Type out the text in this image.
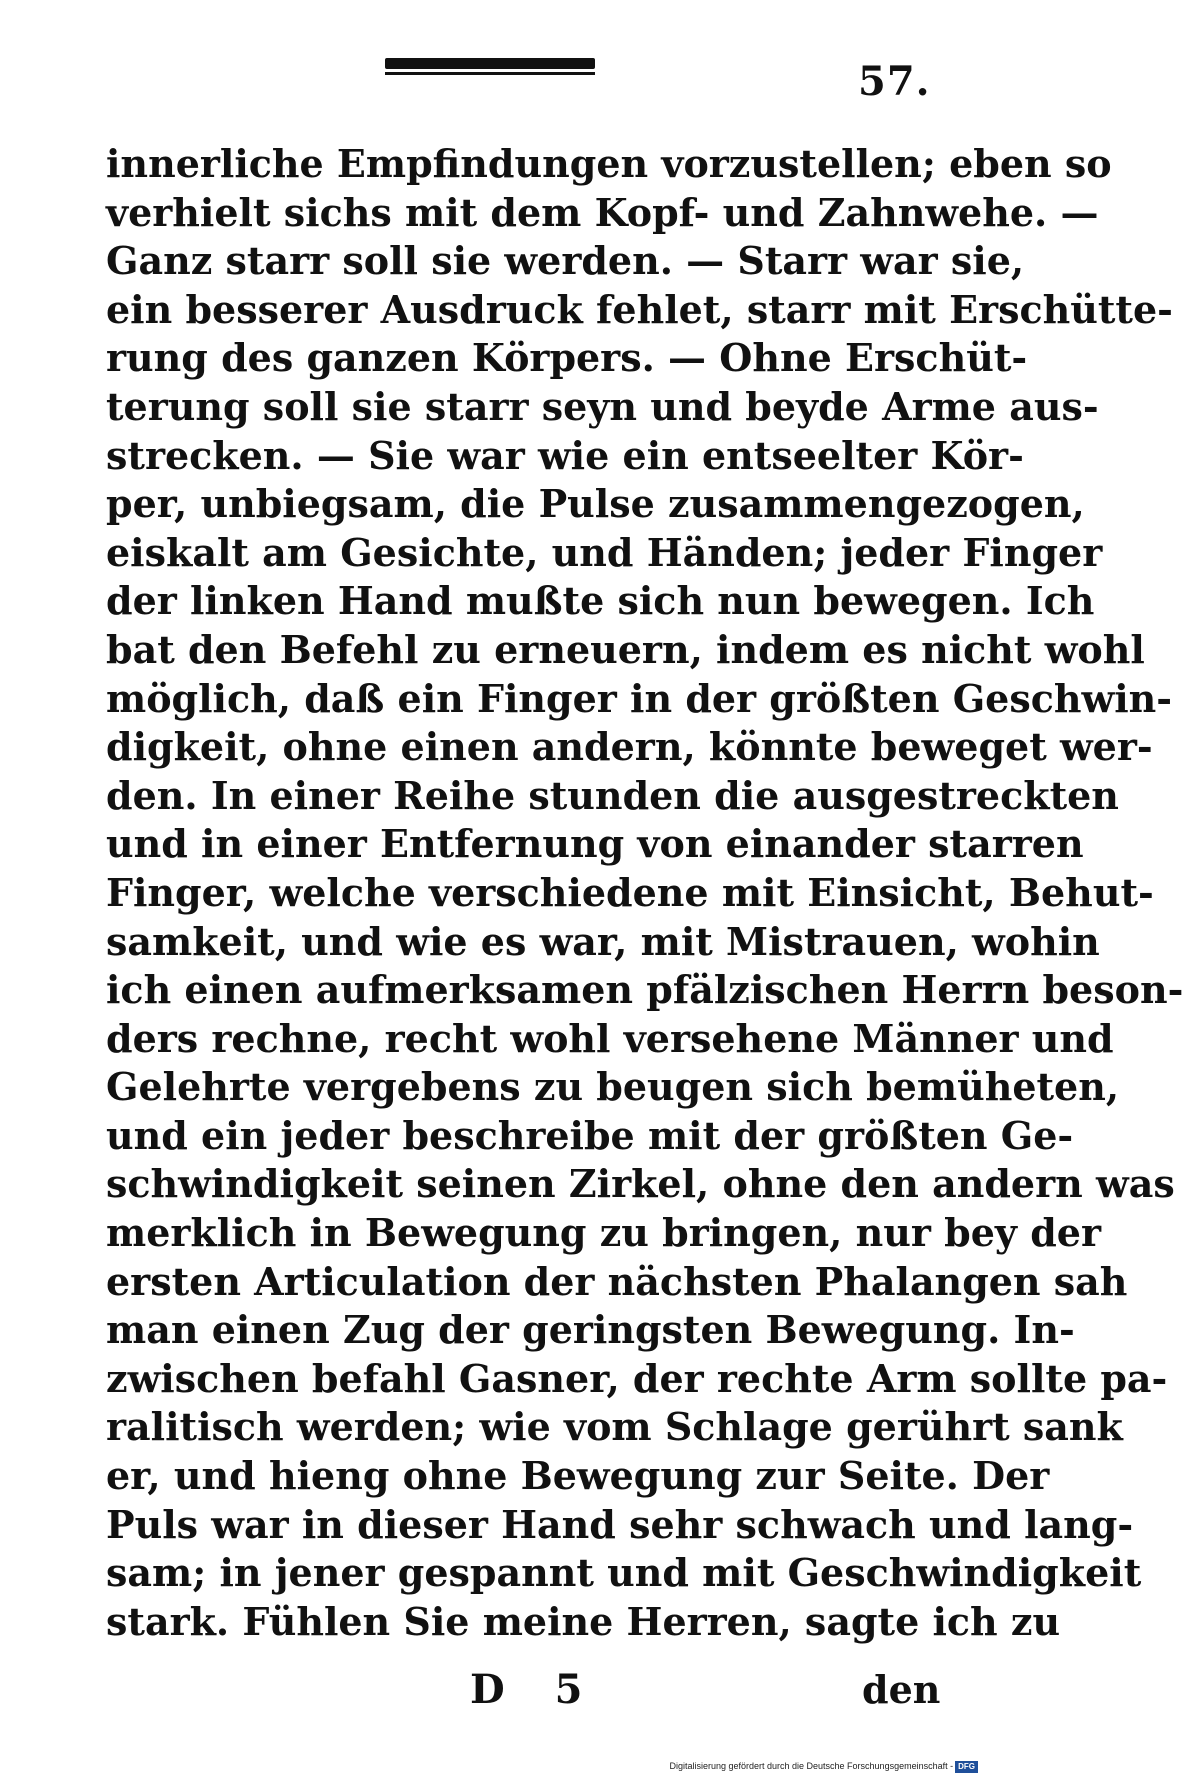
57.
innerliche Empfindungen vorzustellen; eben so
verhielt sichs mit dem Kopf- und Zahnwehe. —
Ganz starr soll sie werden. — Starr war sie,
ein besserer Ausdruck fehlet, starr mit Erschütte-
rung des ganzen Körpers. — Ohne Erschüt-
terung soll sie starr seyn und beyde Arme aus-
strecken. — Sie war wie ein entseelter Kör-
per, unbiegsam, die Pulse zusammengezogen,
eiskalt am Gesichte, und Händen; jeder Finger
der linken Hand mußte sich nun bewegen. Ich
bat den Befehl zu erneuern, indem es nicht wohl
möglich, daß ein Finger in der größten Geschwin-
digkeit, ohne einen andern, könnte beweget wer-
den. In einer Reihe stunden die ausgestreckten
und in einer Entfernung von einander starren
Finger, welche verschiedene mit Einsicht, Behut-
samkeit, und wie es war, mit Mistrauen, wohin
ich einen aufmerksamen pfälzischen Herrn beson-
ders rechne, recht wohl versehene Männer und
Gelehrte vergebens zu beugen sich bemüheten,
und ein jeder beschreibe mit der größten Ge-
schwindigkeit seinen Zirkel, ohne den andern was
merklich in Bewegung zu bringen, nur bey der
ersten Articulation der nächsten Phalangen sah
man einen Zug der geringsten Bewegung. In-
zwischen befahl Gasner, der rechte Arm sollte pa-
ralitisch werden; wie vom Schlage gerührt sank
er, und hieng ohne Bewegung zur Seite. Der
Puls war in dieser Hand sehr schwach und lang-
sam; in jener gespannt und mit Geschwindigkeit
stark. Fühlen Sie meine Herren, sagte ich zu
D 5	den
Digitalisierung gefördert durch die Deutsche Forschungsgemeinschaft - DFG
